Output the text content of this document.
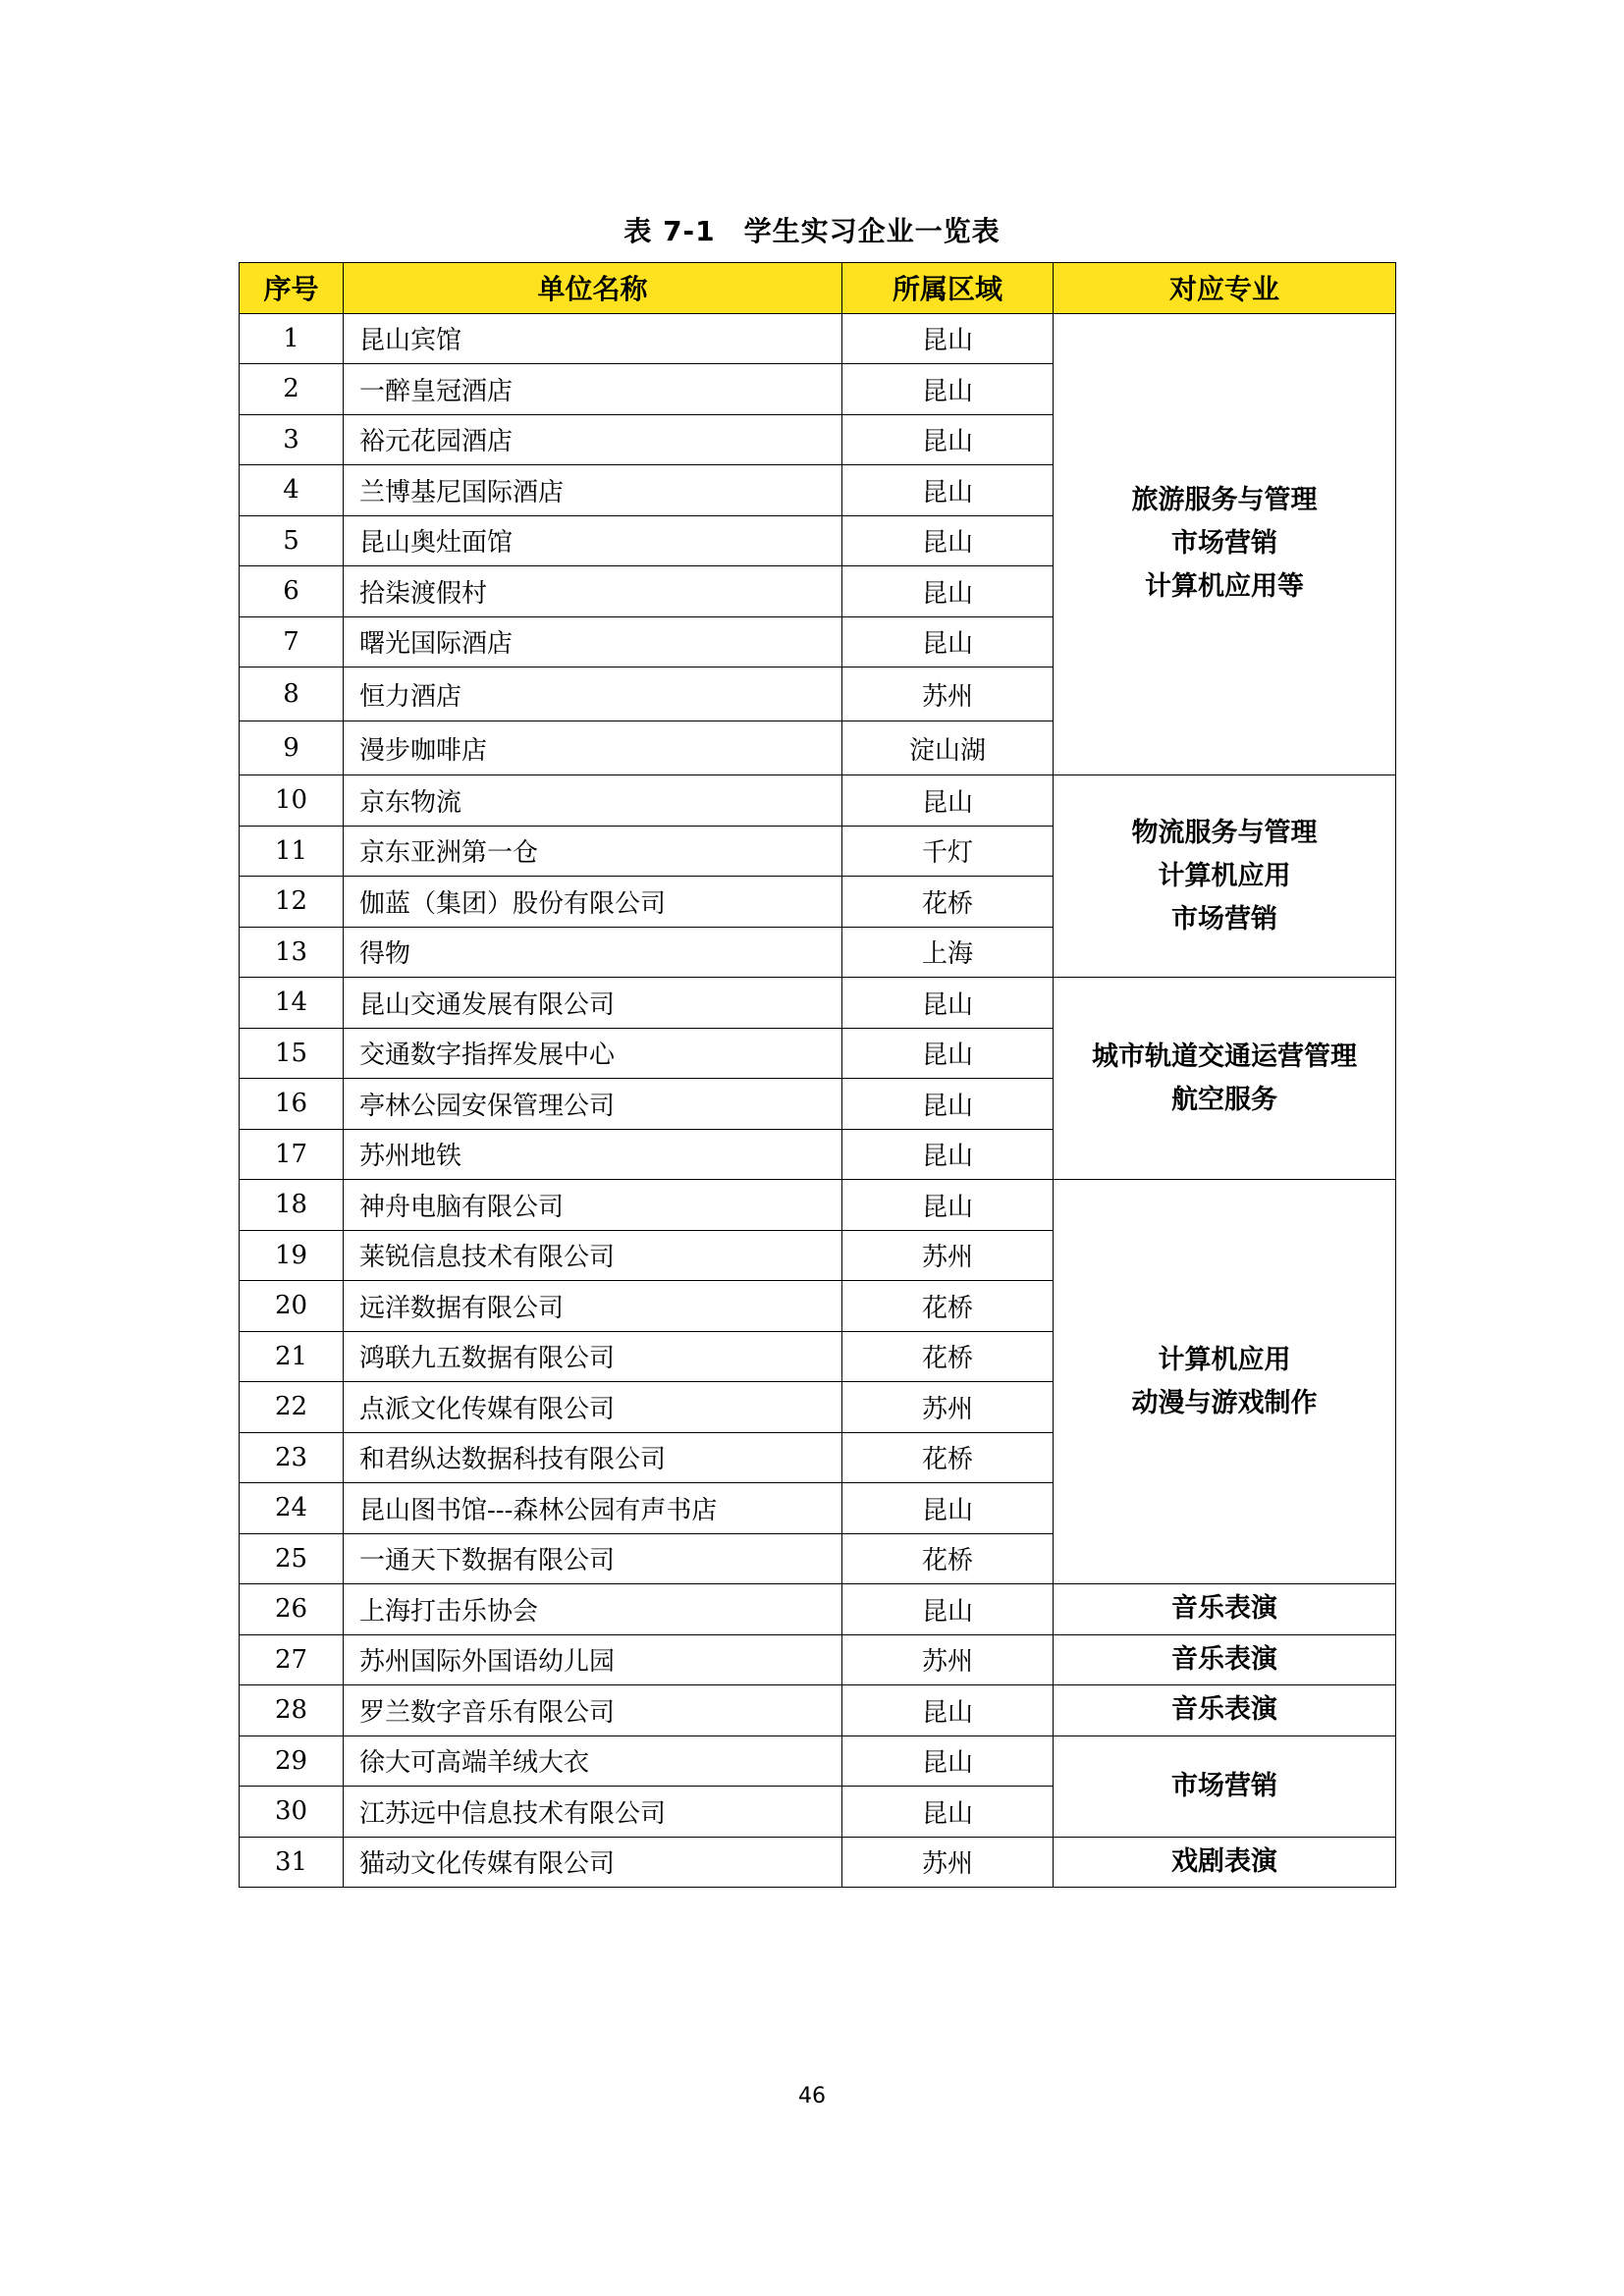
表 7-1　学生实习企业一览表
序号	单位名称	所属区域	对应专业
1	昆山宾馆	昆山	旅游服务与管理
市场营销
计算机应用等

2	一醉皇冠酒店	昆山	
3	裕元花园酒店	昆山	
4	兰博基尼国际酒店	昆山	
5	昆山奥灶面馆	昆山	
6	拾柒渡假村	昆山	
7	曙光国际酒店	昆山	
8	恒力酒店	苏州	
9	漫步咖啡店	淀山湖	
10	京东物流	昆山	物流服务与管理
计算机应用
市场营销

11	京东亚洲第一仓	千灯	
12	伽蓝（集团）股份有限公司	花桥	
13	得物	上海	
14	昆山交通发展有限公司	昆山	城市轨道交通运营管理
航空服务

15	交通数字指挥发展中心	昆山	
16	亭林公园安保管理公司	昆山	
17	苏州地铁	昆山	
18	神舟电脑有限公司	昆山	计算机应用
动漫与游戏制作

19	莱锐信息技术有限公司	苏州	
20	远洋数据有限公司	花桥	
21	鸿联九五数据有限公司	花桥	
22	点派文化传媒有限公司	苏州	
23	和君纵达数据科技有限公司	花桥	
24	昆山图书馆---森林公园有声书店	昆山	
25	一通天下数据有限公司	花桥	
26	上海打击乐协会	昆山	音乐表演

27	苏州国际外国语幼儿园	苏州	音乐表演

28	罗兰数字音乐有限公司	昆山	音乐表演

29	徐大可高端羊绒大衣	昆山	市场营销

30	江苏远中信息技术有限公司	昆山	
31	猫动文化传媒有限公司	苏州	戏剧表演
46
